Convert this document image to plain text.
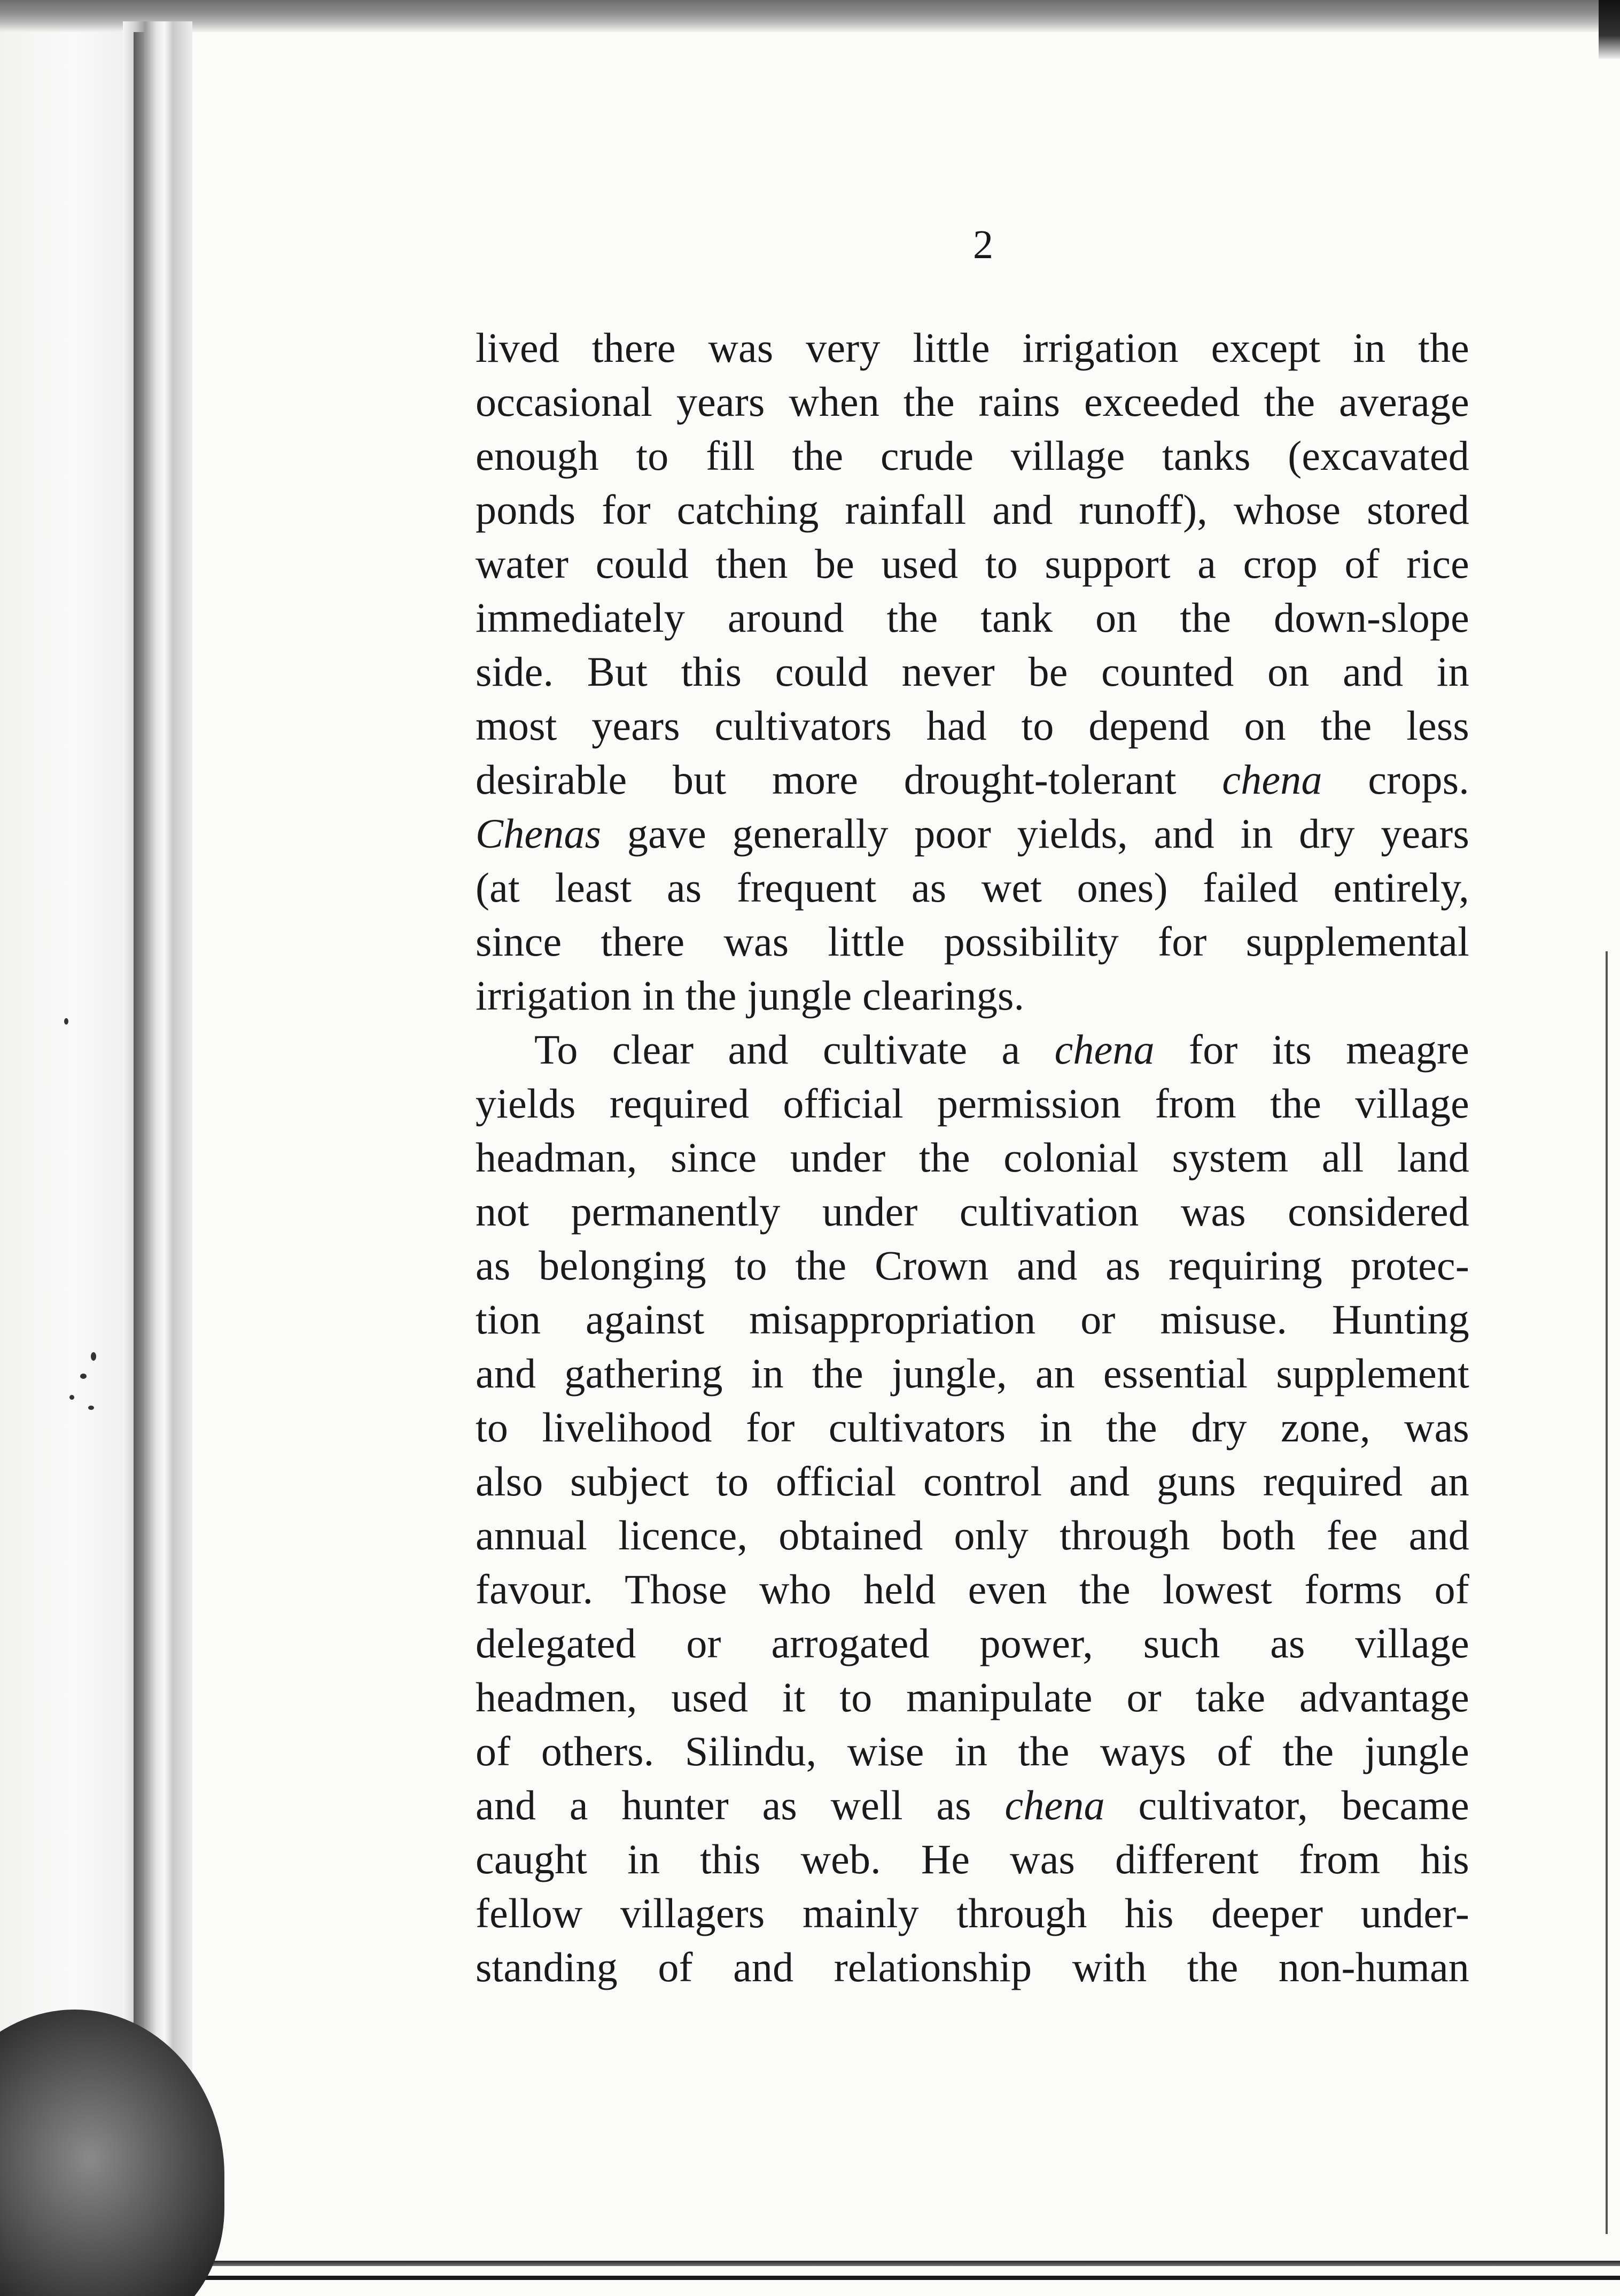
2

lived there was very little irrigation except in the
occasional years when the rains exceeded the average
enough to fill the crude village tanks (excavated
ponds for catching rainfall and runoff), whose stored
water could then be used to support a crop of rice
immediately around the tank on the down-slope
side. But this could never be counted on and in
most years cultivators had to depend on the less
desirable but more drought-tolerant chena crops.
Chenas gave generally poor yields, and in dry years
(at least as frequent as wet ones) failed entirely,
since there was little possibility for supplemental
irrigation in the jungle clearings.

To clear and cultivate a chena for its meagre
yields required official permission from the village
headman, since under the colonial system all land
not permanently under cultivation was considered
as belonging to the Crown and as requiring protec-
tion against misappropriation or misuse. Hunting
and gathering in the jungle, an essential supplement
to livelihood for cultivators in the dry zone, was
also subject to official control and guns required an
annual licence, obtained only through both fee and
favour. Those who held even the lowest forms of
delegated or arrogated power, such as village
headmen, used it to manipulate or take advantage
of others. Silindu, wise in the ways of the jungle
and a hunter as well as chena cultivator, became
caught in this web. He was different from his
fellow villagers mainly through his deeper under-
standing of and relationship with the non-human
